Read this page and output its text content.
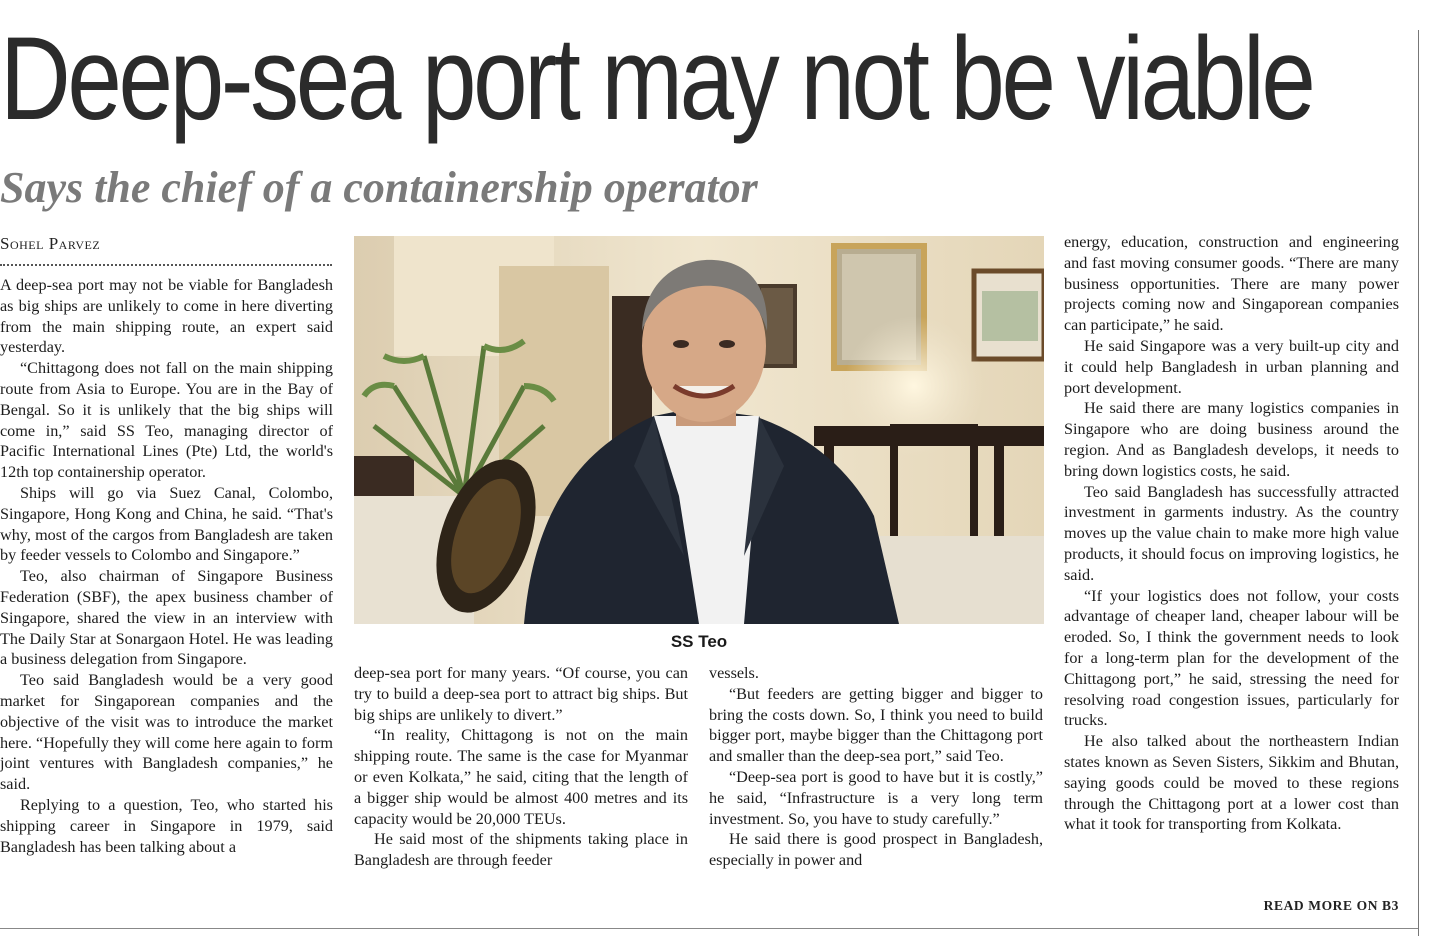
Deep-sea port may not be viable
Says the chief of a containership operator
Sohel Parvez

A deep-sea port may not be viable for Bangladesh as big ships are unlikely to come in here diverting from the main shipping route, an expert said yesterday.

“Chittagong does not fall on the main shipping route from Asia to Europe. You are in the Bay of Bengal. So it is unlikely that the big ships will come in,” said SS Teo, managing director of Pacific International Lines (Pte) Ltd, the world's 12th top containership operator.

Ships will go via Suez Canal, Colombo, Singapore, Hong Kong and China, he said. “That's why, most of the cargos from Bangladesh are taken by feeder vessels to Colombo and Singapore.”

Teo, also chairman of Singapore Business Federation (SBF), the apex business chamber of Singapore, shared the view in an interview with The Daily Star at Sonargaon Hotel. He was leading a business delegation from Singapore.

Teo said Bangladesh would be a very good market for Singaporean companies and the objective of the visit was to introduce the market here. “Hopefully they will come here again to form joint ventures with Bangladesh companies,” he said.

Replying to a question, Teo, who started his shipping career in Singapore in 1979, said Bangladesh has been talking about a

SS Teo

deep-sea port for many years. “Of course, you can try to build a deep-sea port to attract big ships. But big ships are unlikely to divert.”

“In reality, Chittagong is not on the main shipping route. The same is the case for Myanmar or even Kolkata,” he said, citing that the length of a bigger ship would be almost 400 metres and its capacity would be 20,000 TEUs.

He said most of the shipments taking place in Bangladesh are through feeder

vessels.

“But feeders are getting bigger and bigger to bring the costs down. So, I think you need to build bigger port, maybe bigger than the Chittagong port and smaller than the deep-sea port,” said Teo.

“Deep-sea port is good to have but it is costly,” he said, “Infrastructure is a very long term investment. So, you have to study carefully.”

He said there is good prospect in Bangladesh, especially in power and

energy, education, construction and engineering and fast moving consumer goods. “There are many business opportunities. There are many power projects coming now and Singaporean companies can participate,” he said.

He said Singapore was a very built-up city and it could help Bangladesh in urban planning and port development.

He said there are many logistics companies in Singapore who are doing business around the region. And as Bangladesh develops, it needs to bring down logistics costs, he said.

Teo said Bangladesh has successfully attracted investment in garments industry. As the country moves up the value chain to make more high value products, it should focus on improving logistics, he said.

“If your logistics does not follow, your costs advantage of cheaper land, cheaper labour will be eroded. So, I think the government needs to look for a long-term plan for the development of the Chittagong port,” he said, stressing the need for resolving road congestion issues, particularly for trucks.

He also talked about the northeastern Indian states known as Seven Sisters, Sikkim and Bhutan, saying goods could be moved to these regions through the Chittagong port at a lower cost than what it took for transporting from Kolkata.

READ MORE ON B3
